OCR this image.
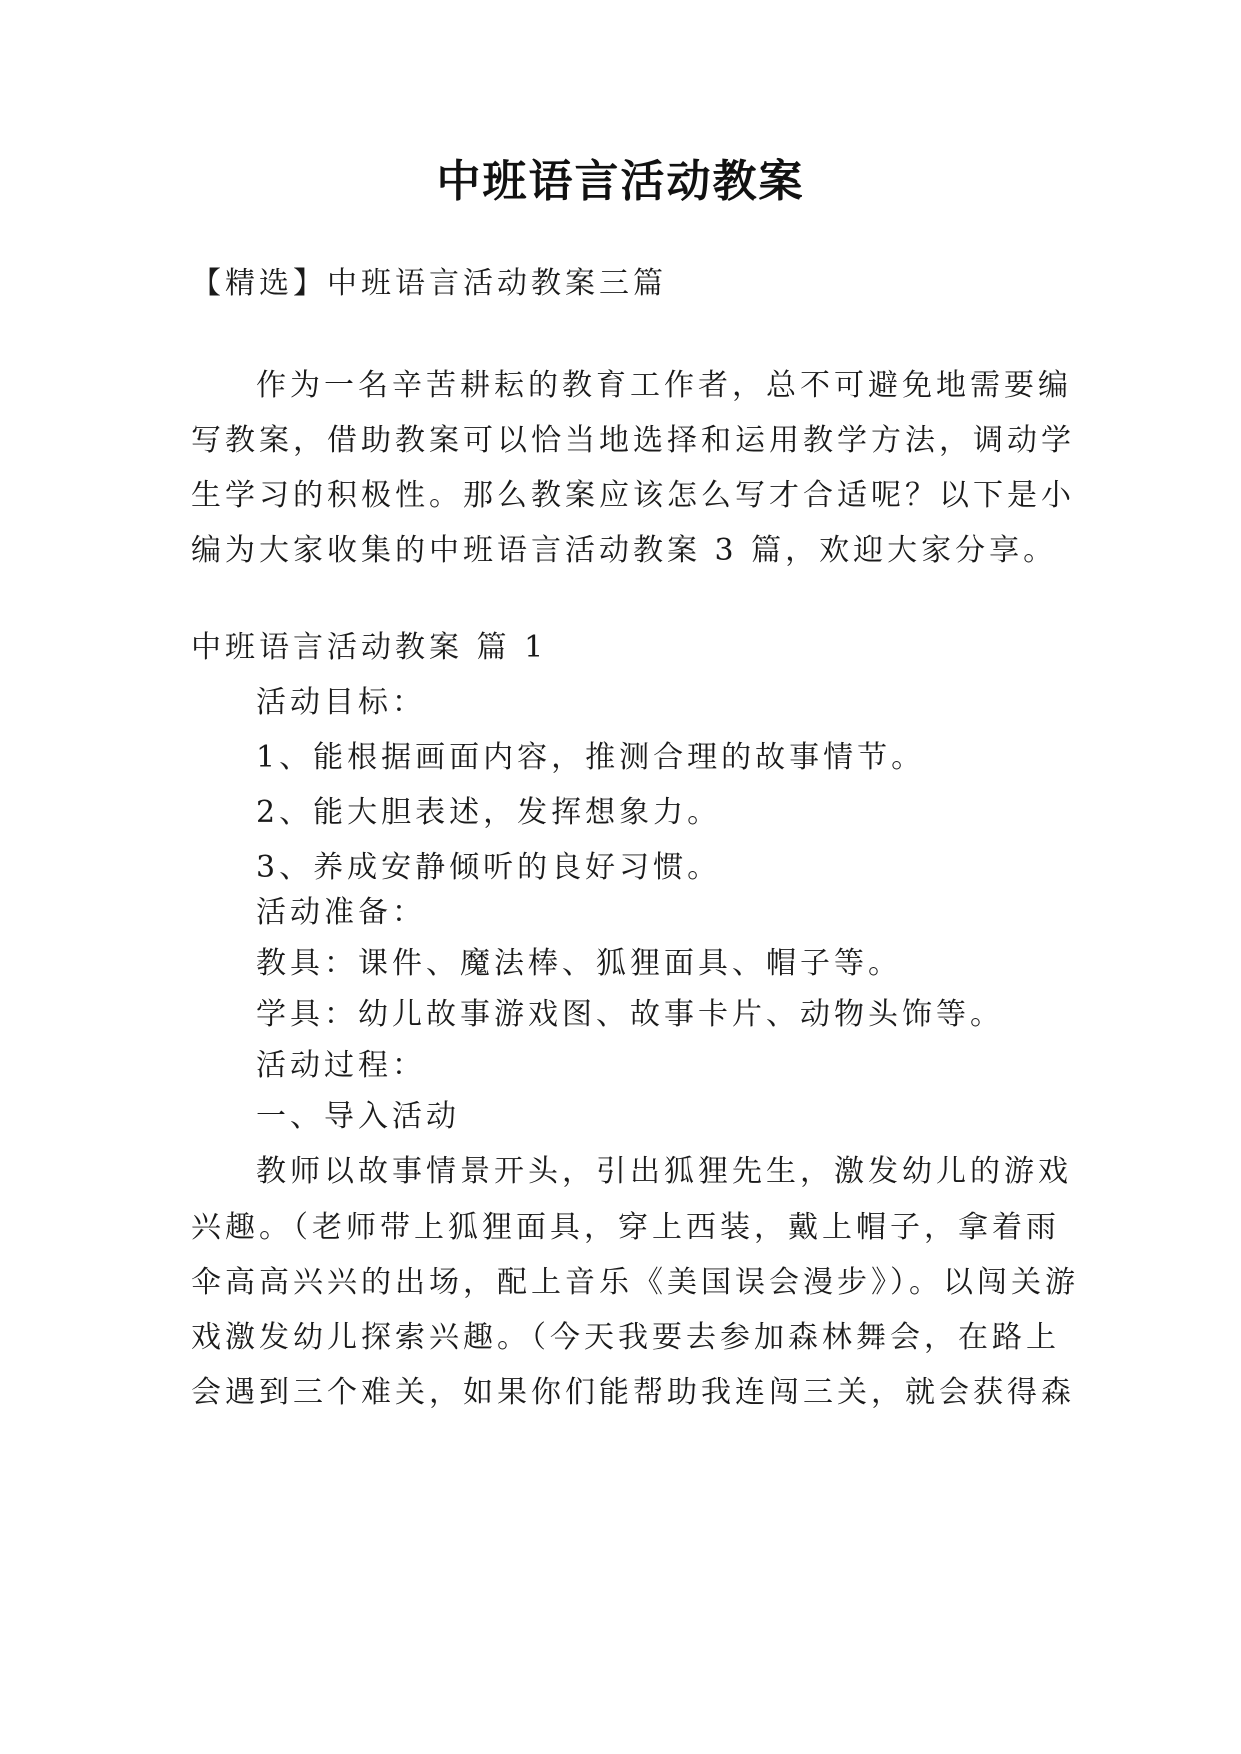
中班语言活动教案
【精选】中班语言活动教案三篇
作为一名辛苦耕耘的教育工作者，总不可避免地需要编
写教案，借助教案可以恰当地选择和运用教学方法，调动学
生学习的积极性。那么教案应该怎么写才合适呢？以下是小
编为大家收集的中班语言活动教案 3 篇，欢迎大家分享。
中班语言活动教案 篇 1
活动目标：
1、能根据画面内容，推测合理的故事情节。
2、能大胆表述，发挥想象力。
3、养成安静倾听的良好习惯。
活动准备：
教具：课件、魔法棒、狐狸面具、帽子等。
学具：幼儿故事游戏图、故事卡片、动物头饰等。
活动过程：
一、导入活动
教师以故事情景开头，引出狐狸先生，激发幼儿的游戏
兴趣。（老师带上狐狸面具，穿上西装，戴上帽子，拿着雨
伞高高兴兴的出场，配上音乐《美国误会漫步》）。以闯关游
戏激发幼儿探索兴趣。（今天我要去参加森林舞会，在路上
会遇到三个难关，如果你们能帮助我连闯三关，就会获得森
